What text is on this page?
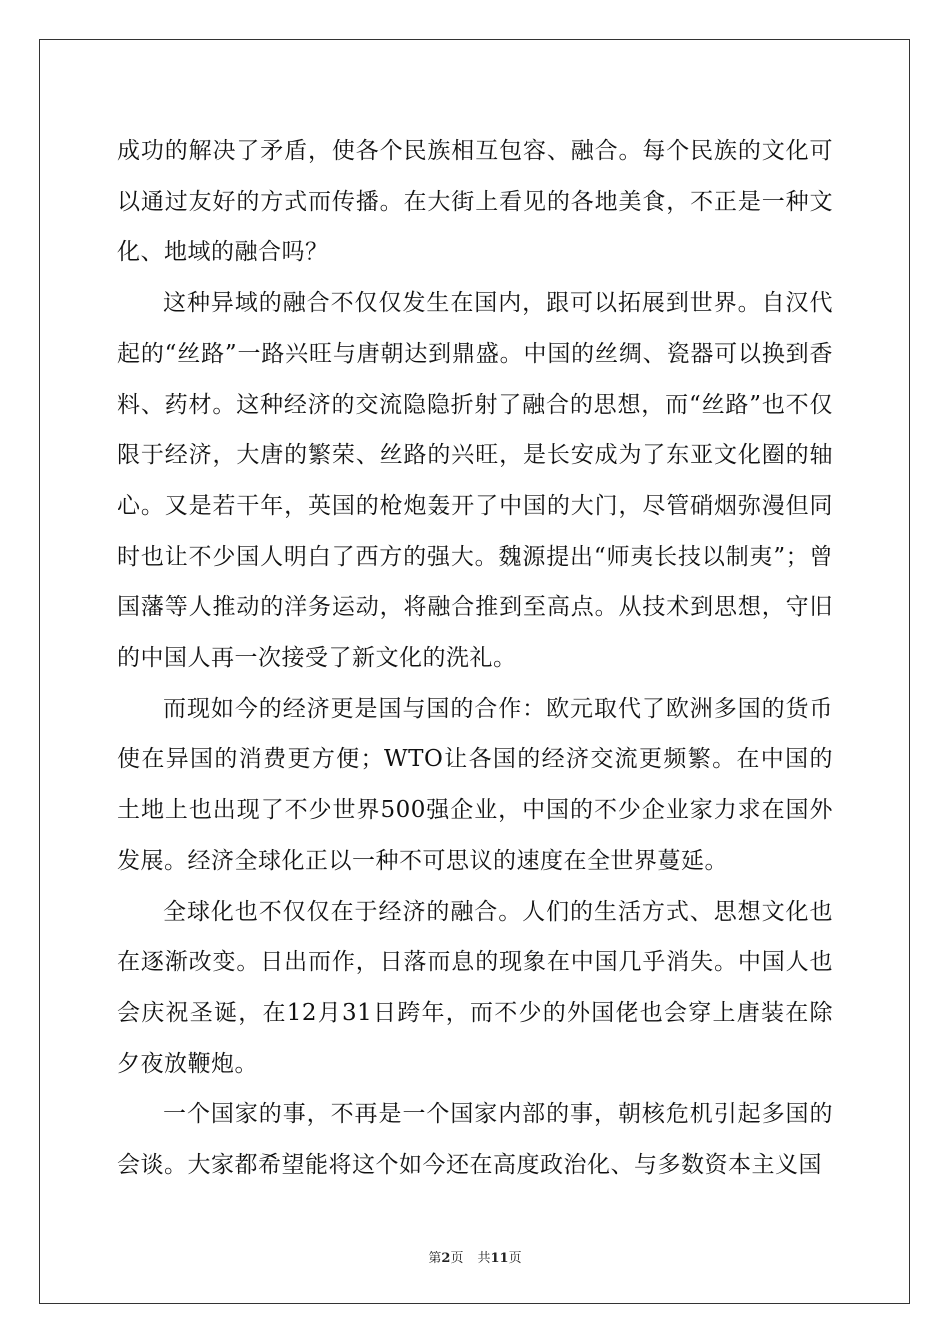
成功的解决了矛盾，使各个民族相互包容、融合。每个民族的文化可以通过友好的方式而传播。在大街上看见的各地美食，不正是一种文化、地域的融合吗？

这种异域的融合不仅仅发生在国内，跟可以拓展到世界。自汉代起的“丝路”一路兴旺与唐朝达到鼎盛。中国的丝绸、瓷器可以换到香料、药材。这种经济的交流隐隐折射了融合的思想，而“丝路”也不仅限于经济，大唐的繁荣、丝路的兴旺，是长安成为了东亚文化圈的轴心。又是若干年，英国的枪炮轰开了中国的大门，尽管硝烟弥漫但同时也让不少国人明白了西方的强大。魏源提出“师夷长技以制夷”；曾国藩等人推动的洋务运动，将融合推到至高点。从技术到思想，守旧的中国人再一次接受了新文化的洗礼。

而现如今的经济更是国与国的合作：欧元取代了欧洲多国的货币使在异国的消费更方便；WTO让各国的经济交流更频繁。在中国的土地上也出现了不少世界500强企业，中国的不少企业家力求在国外发展。经济全球化正以一种不可思议的速度在全世界蔓延。

全球化也不仅仅在于经济的融合。人们的生活方式、思想文化也在逐渐改变。日出而作，日落而息的现象在中国几乎消失。中国人也会庆祝圣诞，在12月31日跨年，而不少的外国佬也会穿上唐装在除夕夜放鞭炮。

一个国家的事，不再是一个国家内部的事，朝核危机引起多国的会谈。大家都希望能将这个如今还在高度政治化、与多数资本主义国

第2页 共11页
